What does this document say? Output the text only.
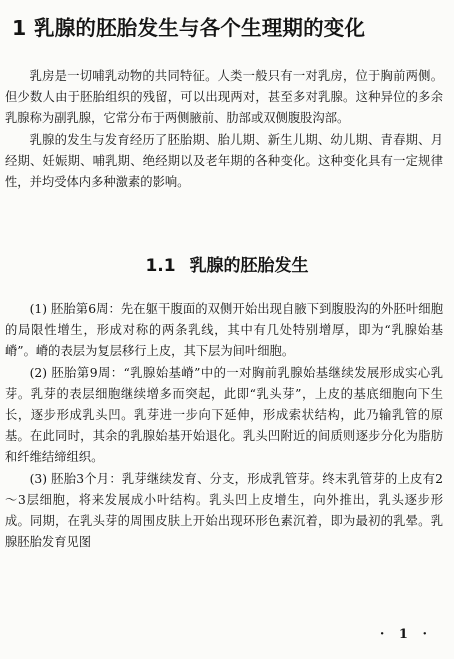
1 乳腺的胚胎发生与各个生理期的变化

乳房是一切哺乳动物的共同特征。人类一般只有一对乳房，位于胸前两侧。但少数人由于胚胎组织的残留，可以出现两对，甚至多对乳腺。这种异位的多余乳腺称为副乳腺，它常分布于两侧腋前、肋部或双侧腹股沟部。

乳腺的发生与发育经历了胚胎期、胎儿期、新生儿期、幼儿期、青春期、月经期、妊娠期、哺乳期、绝经期以及老年期的各种变化。这种变化具有一定规律性，并均受体内多种激素的影响。

1.1 乳腺的胚胎发生

(1) 胚胎第6周：先在躯干腹面的双侧开始出现自腋下到腹股沟的外胚叶细胞的局限性增生，形成对称的两条乳线，其中有几处特别增厚，即为“乳腺始基嵴”。嵴的表层为复层移行上皮，其下层为间叶细胞。

(2) 胚胎第9周：“乳腺始基嵴”中的一对胸前乳腺始基继续发展形成实心乳芽。乳芽的表层细胞继续增多而突起，此即“乳头芽”，上皮的基底细胞向下生长，逐步形成乳头凹。乳芽进一步向下延伸，形成索状结构，此乃输乳管的原基。在此同时，其余的乳腺始基开始退化。乳头凹附近的间质则逐步分化为脂肪和纤维结缔组织。

(3) 胚胎3个月：乳芽继续发育、分支，形成乳管芽。终末乳管芽的上皮有2～3层细胞，将来发展成小叶结构。乳头凹上皮增生，向外推出，乳头逐步形成。同期，在乳头芽的周围皮肤上开始出现环形色素沉着，即为最初的乳晕。乳腺胚胎发育见图

· 1 ·
